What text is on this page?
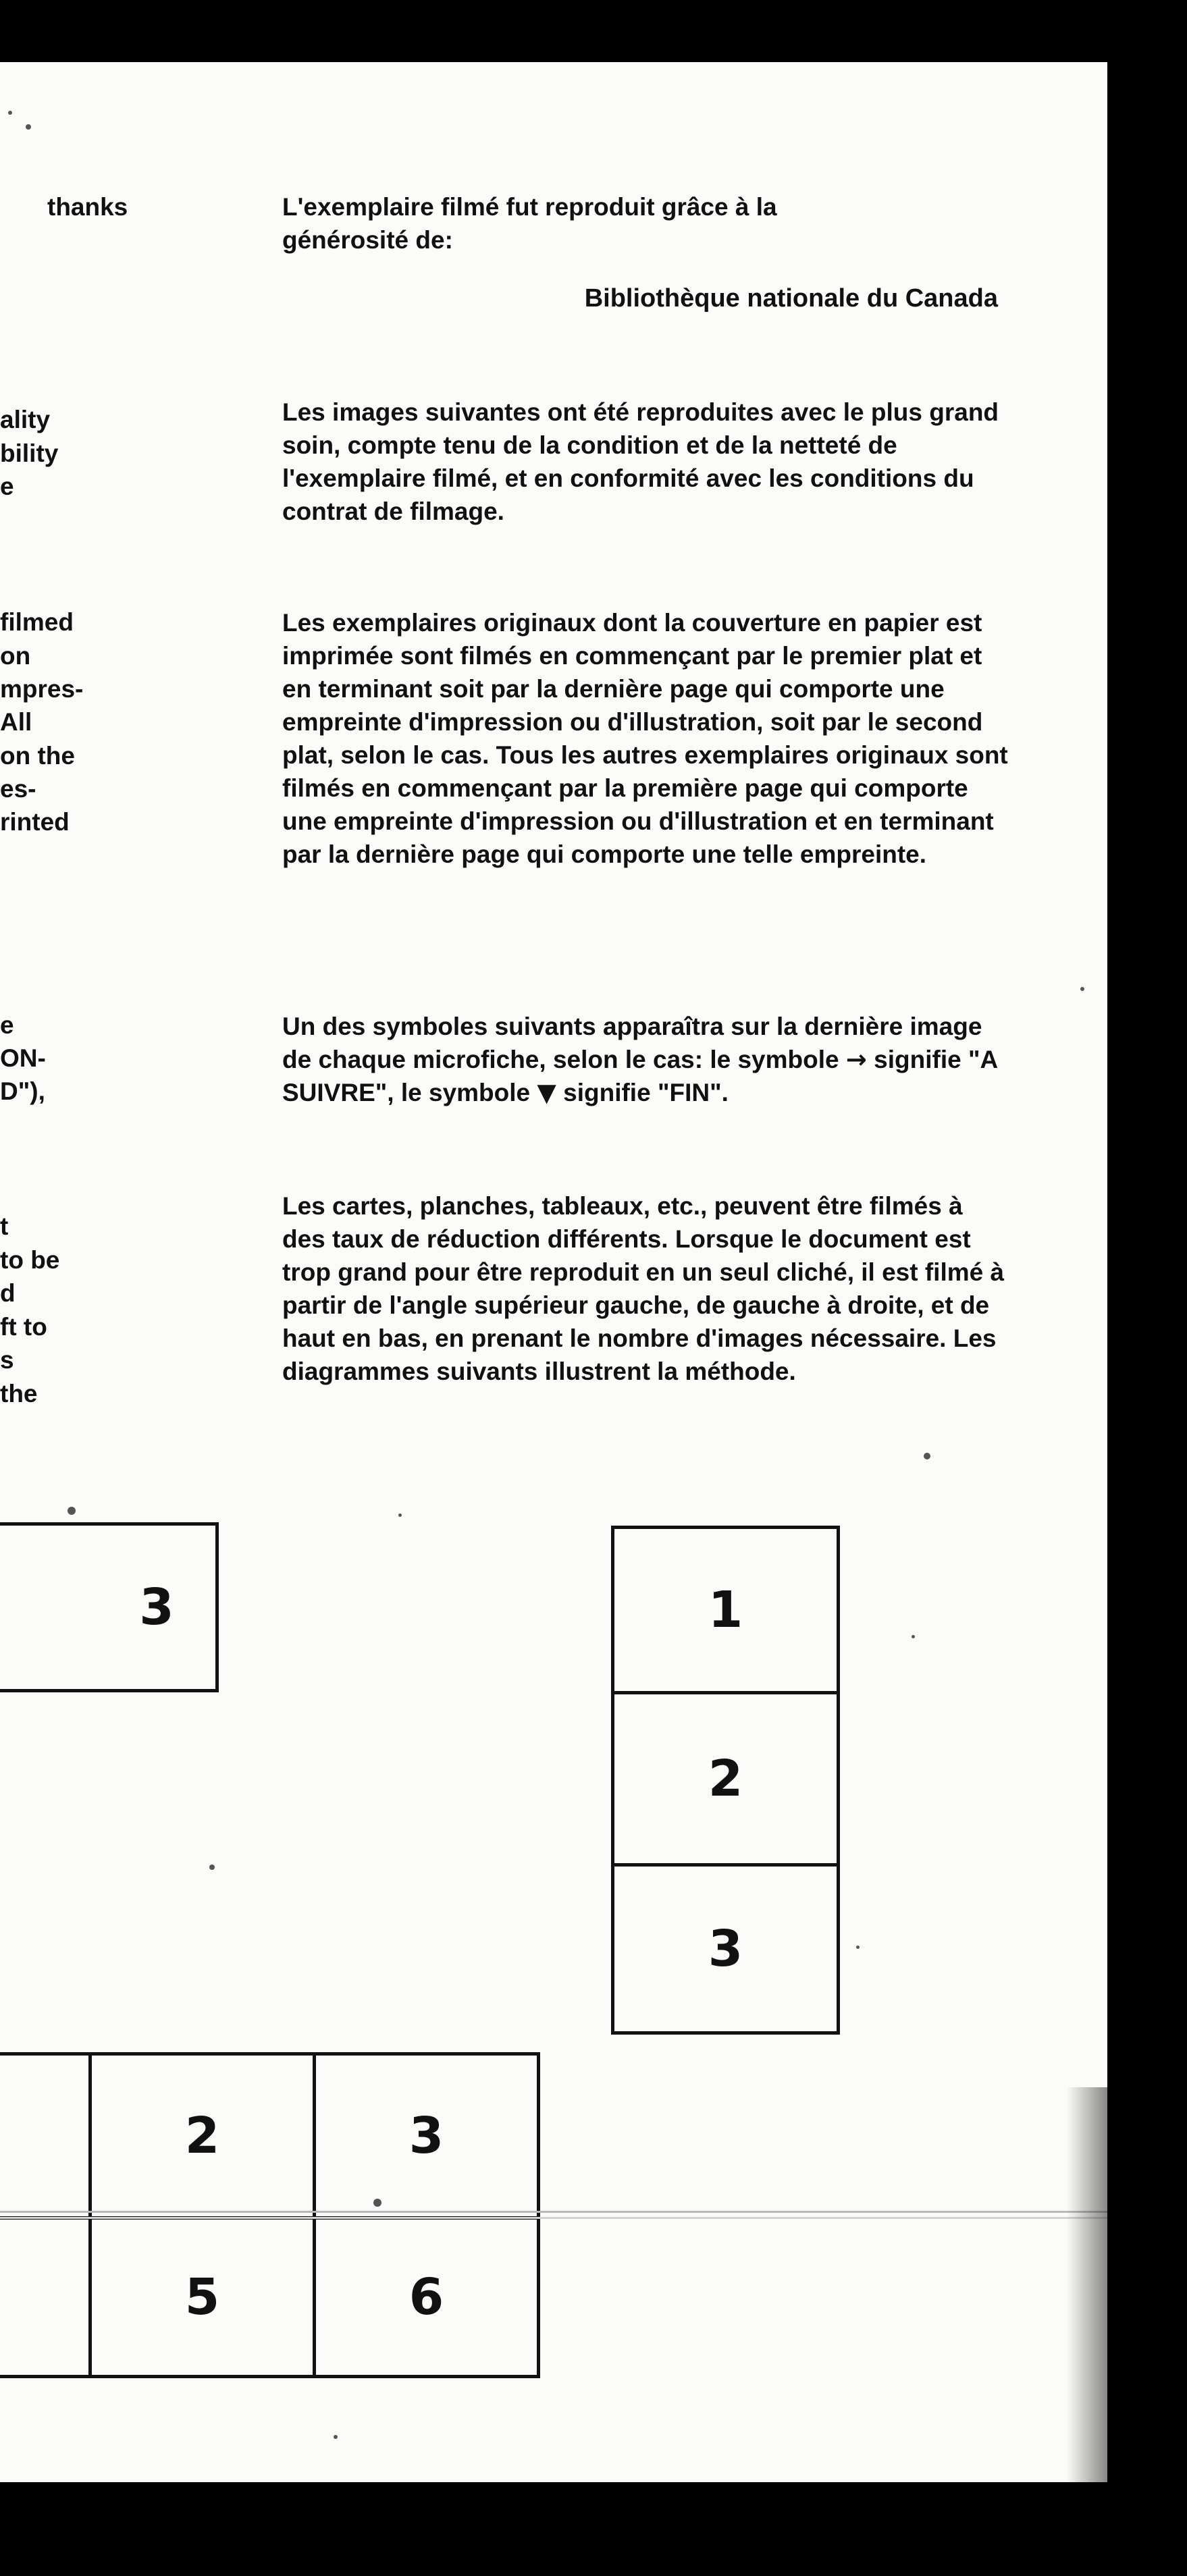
thanks
ality
bility
e
filmed
on
mpres-
All
on the
es-
rinted
e
ON-
D"),
t
to be
d
ft to
s
the

L'exemplaire filmé fut reproduit grâce à la

générosité de:

Bibliothèque nationale du Canada

Les images suivantes ont été reproduites avec le plus grand soin, compte tenu de la condition et de la netteté de l'exemplaire filmé, et en conformité avec les conditions du contrat de filmage.

Les exemplaires originaux dont la couverture en papier est imprimée sont filmés en commençant par le premier plat et en terminant soit par la dernière page qui comporte une empreinte d'impression ou d'illustration, soit par le second plat, selon le cas. Tous les autres exemplaires originaux sont filmés en commençant par la première page qui comporte une empreinte d'impression ou d'illustration et en terminant par la dernière page qui comporte une telle empreinte.

Un des symboles suivants apparaîtra sur la dernière image de chaque microfiche, selon le cas: le symbole → signifie "A SUIVRE", le symbole ▼ signifie "FIN".

Les cartes, planches, tableaux, etc., peuvent être filmés à des taux de réduction différents. Lorsque le document est trop grand pour être reproduit en un seul cliché, il est filmé à partir de l'angle supérieur gauche, de gauche à droite, et de haut en bas, en prenant le nombre d'images nécessaire. Les diagrammes suivants illustrent la méthode.

3	1
2
3
2	3
5	6
